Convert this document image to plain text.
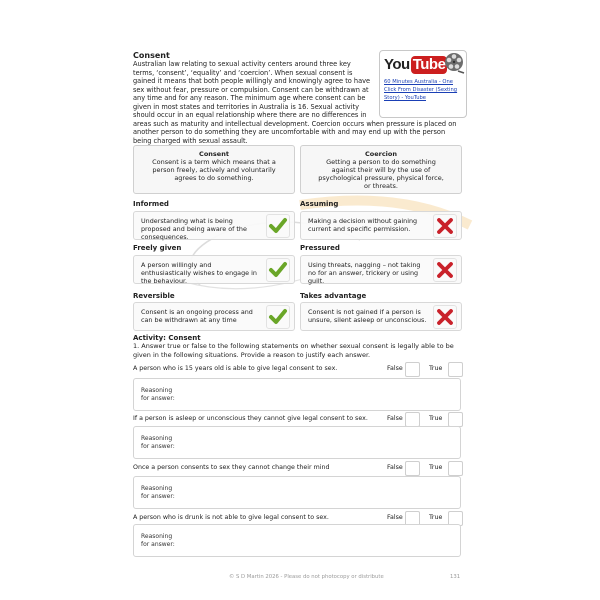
Consent
Australian law relating to sexual activity centers around three key terms, ‘consent’, ‘equality’ and ‘coercion’. When sexual consent is gained it means that both people willingly and knowingly agree to have sex without fear, pressure or compulsion. Consent can be withdrawn at any time and for any reason. The minimum age where consent can be given in most states and territories in Australia is 16. Sexual activity should occur in an equal relationship where there are no differences in areas such as maturity and intellectual development. Coercion occurs when pressure is placed on another person to do something they are uncomfortable with and may end up with the person being charged with sexual assault.
You Tube
60 Minutes Australia - One Click From Disaster (Sexting Story) - YouTube
Consent
Consent is a term which means that a person freely, actively and voluntarily agrees to do something.
Coercion
Getting a person to do something against their will by the use of psychological pressure, physical force, or threats.
Informed
Understanding what is being proposed and being aware of the consequences.
Assuming
Making a decision without gaining current and specific permission.
Freely given
A person willingly and enthusiastically wishes to engage in the behaviour.
Pressured
Using threats, nagging – not taking no for an answer, trickery or using guilt.
Reversible
Consent is an ongoing process and can be withdrawn at any time
Takes advantage
Consent is not gained if a person is unsure, silent asleep or unconscious.
Activity: Consent
1. Answer true or false to the following statements on whether sexual consent is legally able to be given in the following situations. Provide a reason to justify each answer.
A person who is 15 years old is able to give legal consent to sex.	False	True
Reasoning
for answer:
If a person is asleep or unconscious they cannot give legal consent to sex.	False	True
Reasoning
for answer:
Once a person consents to sex they cannot change their mind	False	True
Reasoning
for answer:
A person who is drunk is not able to give legal consent to sex.	False	True
Reasoning
for answer:
© S D Martin 2026 - Please do not photocopy or distribute	131
